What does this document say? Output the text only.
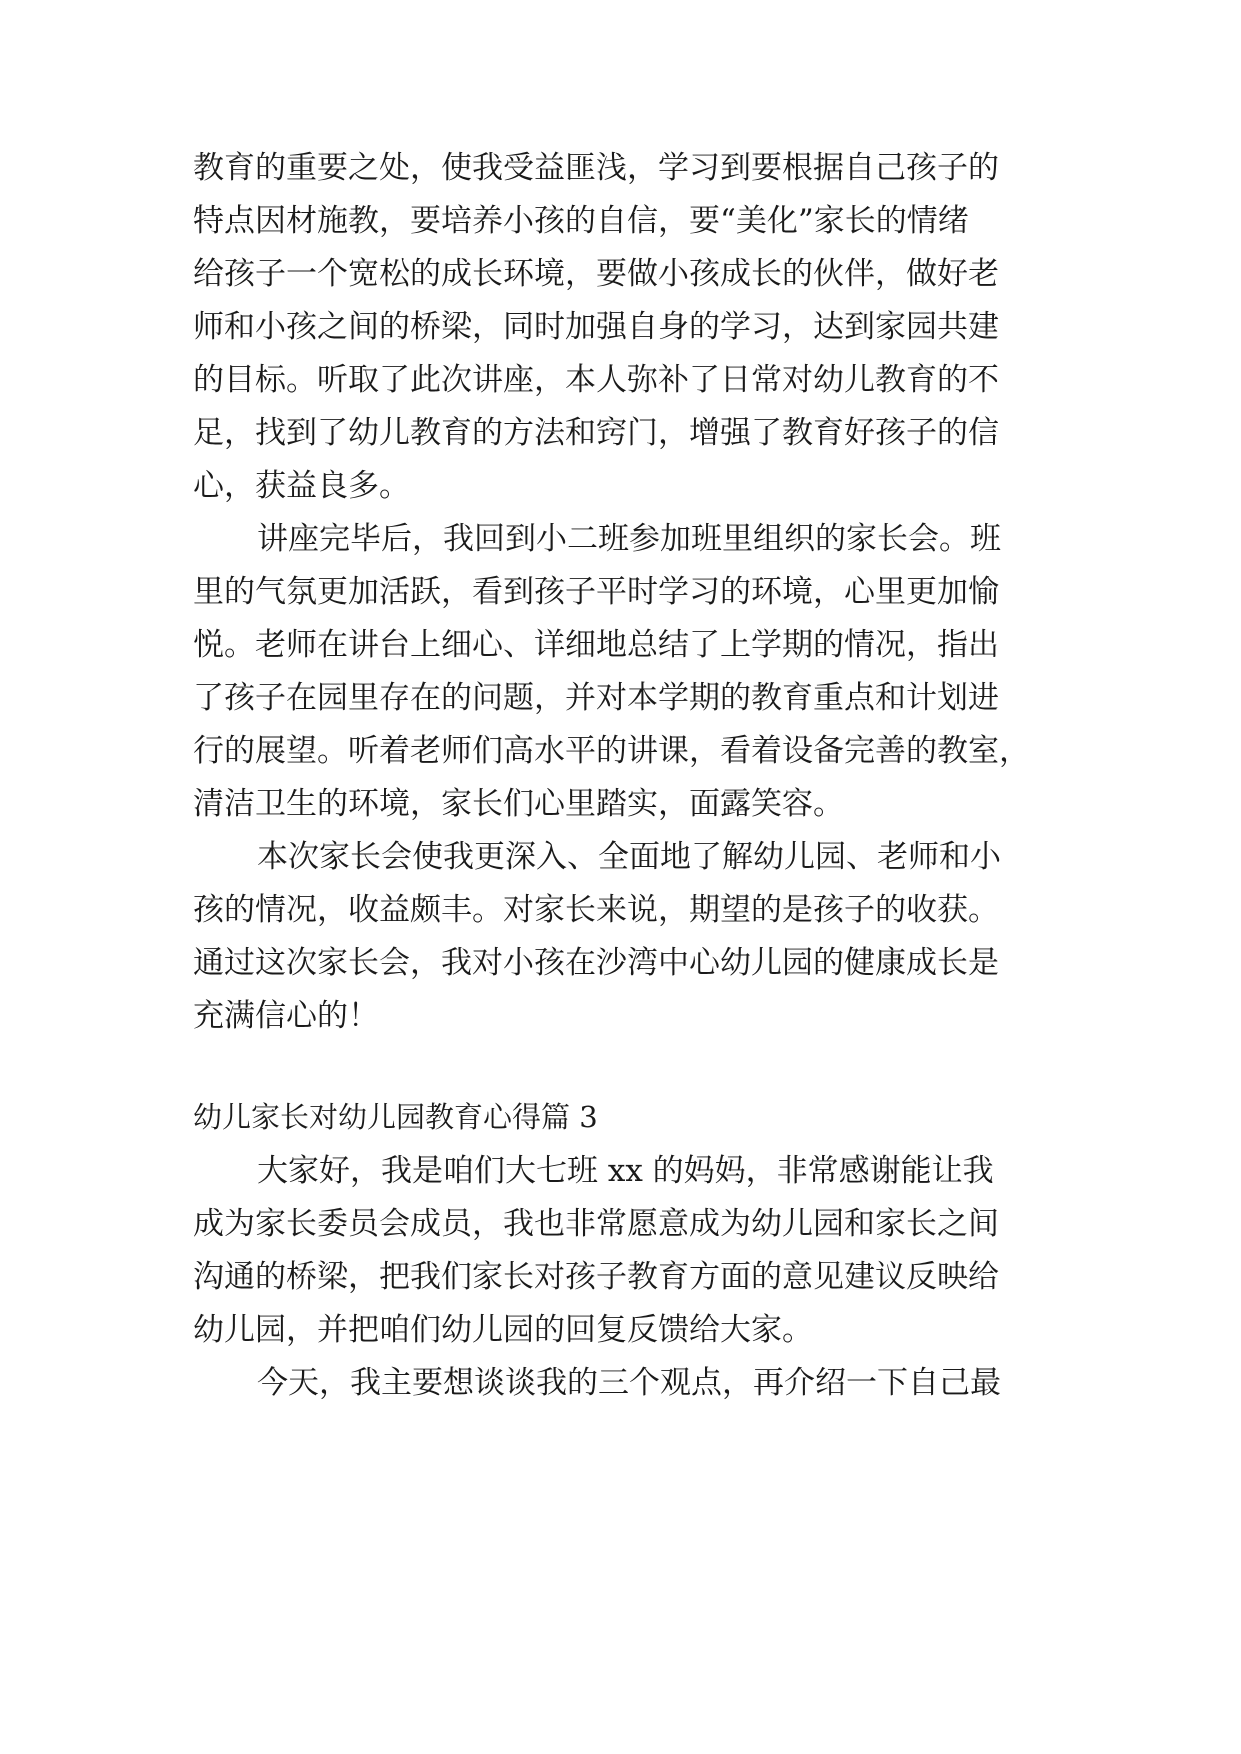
教育的重要之处，使我受益匪浅，学习到要根据自己孩子的
特点因材施教，要培养小孩的自信，要“美化”家长的情绪
给孩子一个宽松的成长环境，要做小孩成长的伙伴，做好老
师和小孩之间的桥梁，同时加强自身的学习，达到家园共建
的目标。听取了此次讲座，本人弥补了日常对幼儿教育的不
足，找到了幼儿教育的方法和窍门，增强了教育好孩子的信
心，获益良多。
讲座完毕后，我回到小二班参加班里组织的家长会。班
里的气氛更加活跃，看到孩子平时学习的环境，心里更加愉
悦。老师在讲台上细心、详细地总结了上学期的情况，指出
了孩子在园里存在的问题，并对本学期的教育重点和计划进
行的展望。听着老师们高水平的讲课，看着设备完善的教室，
清洁卫生的环境，家长们心里踏实，面露笑容。
本次家长会使我更深入、全面地了解幼儿园、老师和小
孩的情况，收益颇丰。对家长来说，期望的是孩子的收获。
通过这次家长会，我对小孩在沙湾中心幼儿园的健康成长是
充满信心的！
幼儿家长对幼儿园教育心得篇 3
大家好，我是咱们大七班 xx 的妈妈，非常感谢能让我
成为家长委员会成员，我也非常愿意成为幼儿园和家长之间
沟通的桥梁，把我们家长对孩子教育方面的意见建议反映给
幼儿园，并把咱们幼儿园的回复反馈给大家。
今天，我主要想谈谈我的三个观点，再介绍一下自己最
